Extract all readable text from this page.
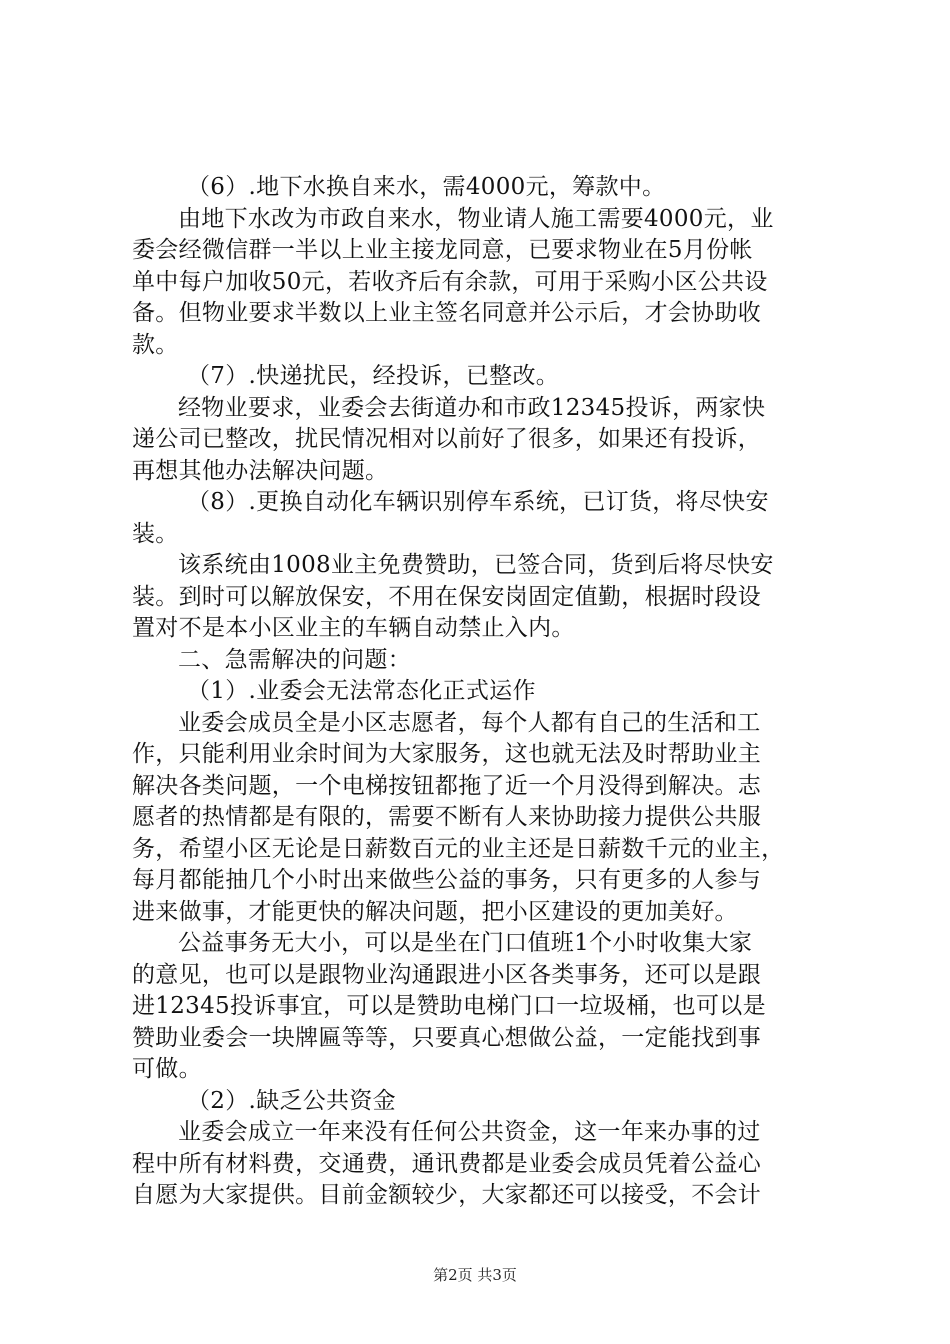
（6）.地下水换自来水，需4000元，筹款中。
由地下水改为市政自来水，物业请人施工需要4000元，业
委会经微信群一半以上业主接龙同意，已要求物业在5月份帐
单中每户加收50元，若收齐后有余款，可用于采购小区公共设
备。但物业要求半数以上业主签名同意并公示后，才会协助收
款。
（7）.快递扰民，经投诉，已整改。
经物业要求，业委会去街道办和市政12345投诉，两家快
递公司已整改，扰民情况相对以前好了很多，如果还有投诉，
再想其他办法解决问题。
（8）.更换自动化车辆识别停车系统，已订货，将尽快安
装。
该系统由1008业主免费赞助，已签合同，货到后将尽快安
装。到时可以解放保安，不用在保安岗固定值勤，根据时段设
置对不是本小区业主的车辆自动禁止入内。
二、急需解决的问题：
（1）.业委会无法常态化正式运作
业委会成员全是小区志愿者，每个人都有自己的生活和工
作，只能利用业余时间为大家服务，这也就无法及时帮助业主
解决各类问题，一个电梯按钮都拖了近一个月没得到解决。志
愿者的热情都是有限的，需要不断有人来协助接力提供公共服
务，希望小区无论是日薪数百元的业主还是日薪数千元的业主，
每月都能抽几个小时出来做些公益的事务，只有更多的人参与
进来做事，才能更快的解决问题，把小区建设的更加美好。
公益事务无大小，可以是坐在门口值班1个小时收集大家
的意见，也可以是跟物业沟通跟进小区各类事务，还可以是跟
进12345投诉事宜，可以是赞助电梯门口一垃圾桶，也可以是
赞助业委会一块牌匾等等，只要真心想做公益，一定能找到事
可做。
（2）.缺乏公共资金
业委会成立一年来没有任何公共资金，这一年来办事的过
程中所有材料费，交通费，通讯费都是业委会成员凭着公益心
自愿为大家提供。目前金额较少，大家都还可以接受，不会计
第2页 共3页
